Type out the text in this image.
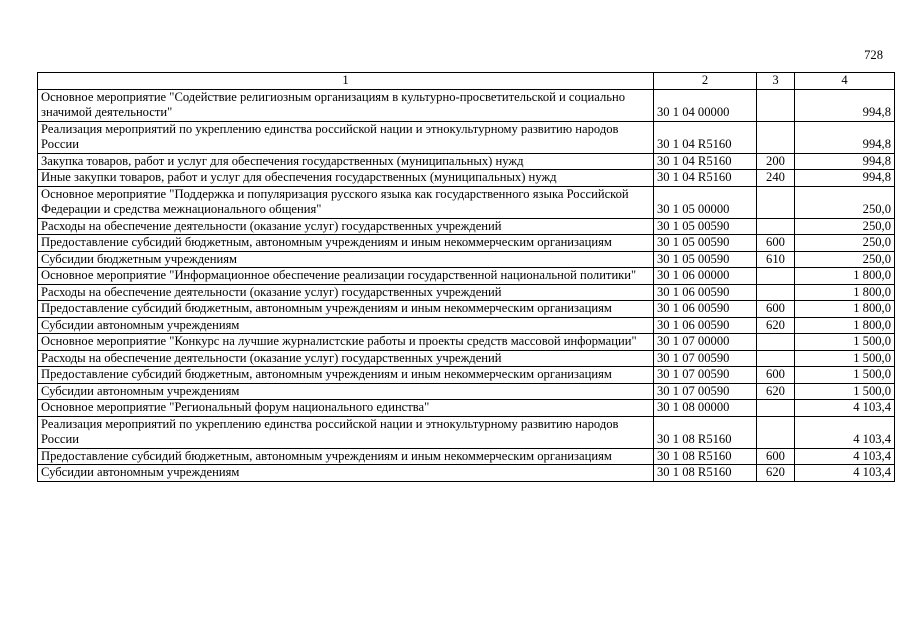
728
1	2	3	4
Основное мероприятие "Содействие религиозным организациям в культурно-просветительской и социально значимой деятельности"	30 1 04 00000		994,8
Реализация мероприятий по укреплению единства российской нации и этнокультурному развитию народов России	30 1 04 R5160		994,8
Закупка товаров, работ и услуг для обеспечения государственных (муниципальных) нужд	30 1 04 R5160	200	994,8
Иные закупки товаров, работ и услуг для обеспечения государственных (муниципальных) нужд	30 1 04 R5160	240	994,8
Основное мероприятие "Поддержка и популяризация русского языка как государственного языка Российской Федерации и средства межнационального общения"	30 1 05 00000		250,0
Расходы на обеспечение деятельности (оказание услуг) государственных учреждений	30 1 05 00590		250,0
Предоставление субсидий бюджетным, автономным учреждениям и иным некоммерческим организациям	30 1 05 00590	600	250,0
Субсидии бюджетным учреждениям	30 1 05 00590	610	250,0
Основное мероприятие "Информационное обеспечение реализации государственной национальной политики"	30 1 06 00000		1 800,0
Расходы на обеспечение деятельности (оказание услуг) государственных учреждений	30 1 06 00590		1 800,0
Предоставление субсидий бюджетным, автономным учреждениям и иным некоммерческим организациям	30 1 06 00590	600	1 800,0
Субсидии автономным учреждениям	30 1 06 00590	620	1 800,0
Основное мероприятие "Конкурс на лучшие журналистские работы и проекты средств массовой информации"	30 1 07 00000		1 500,0
Расходы на обеспечение деятельности (оказание услуг) государственных учреждений	30 1 07 00590		1 500,0
Предоставление субсидий бюджетным, автономным учреждениям и иным некоммерческим организациям	30 1 07 00590	600	1 500,0
Субсидии автономным учреждениям	30 1 07 00590	620	1 500,0
Основное мероприятие "Региональный форум национального единства"	30 1 08 00000		4 103,4
Реализация мероприятий по укреплению единства российской нации и этнокультурному развитию народов России	30 1 08 R5160		4 103,4
Предоставление субсидий бюджетным, автономным учреждениям и иным некоммерческим организациям	30 1 08 R5160	600	4 103,4
Субсидии автономным учреждениям	30 1 08 R5160	620	4 103,4
